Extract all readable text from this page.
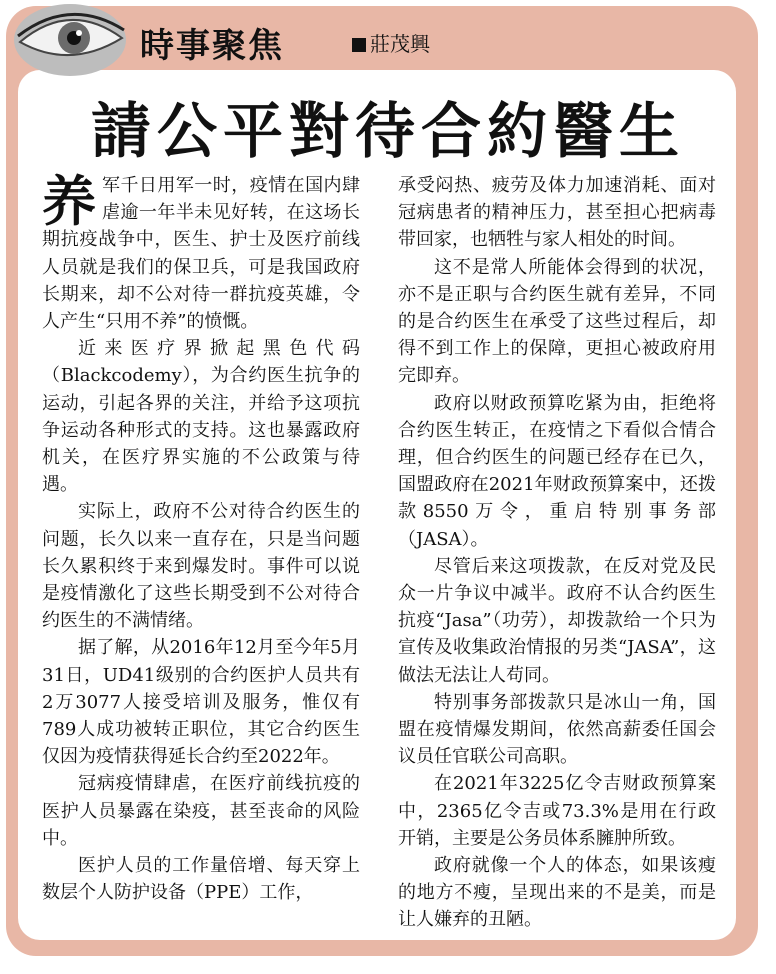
時事聚焦	莊茂興
請公平對待合約醫生

养军千日用军一时，疫情在国内肆虐逾一年半未见好转，在这场长期抗疫战争中，医生、护士及医疗前线人员就是我们的保卫兵，可是我国政府长期来，却不公对待一群抗疫英雄，令人产生“只用不养”的愤慨。

近来医疗界掀起黑色代码（Blackcodemy），为合约医生抗争的运动，引起各界的关注，并给予这项抗争运动各种形式的支持。这也暴露政府机关，在医疗界实施的不公政策与待遇。

实际上，政府不公对待合约医生的问题，长久以来一直存在，只是当问题长久累积终于来到爆发时。事件可以说是疫情激化了这些长期受到不公对待合约医生的不满情绪。

据了解，从2016年12月至今年5月31日，UD41级别的合约医护人员共有2万3077人接受培训及服务，惟仅有789人成功被转正职位，其它合约医生仅因为疫情获得延长合约至2022年。

冠病疫情肆虐，在医疗前线抗疫的医护人员暴露在染疫，甚至丧命的风险中。

医护人员的工作量倍增、每天穿上数层个人防护设备（PPE）工作，

承受闷热、疲劳及体力加速消耗、面对冠病患者的精神压力，甚至担心把病毒带回家，也牺牲与家人相处的时间。

这不是常人所能体会得到的状况，亦不是正职与合约医生就有差异，不同的是合约医生在承受了这些过程后，却得不到工作上的保障，更担心被政府用完即弃。

政府以财政预算吃紧为由，拒绝将合约医生转正，在疫情之下看似合情合理，但合约医生的问题已经存在已久，国盟政府在2021年财政预算案中，还拨款8550万令，重启特别事务部（JASA）。

尽管后来这项拨款，在反对党及民众一片争议中减半。政府不认合约医生抗疫“Jasa”（功劳），却拨款给一个只为宣传及收集政治情报的另类“JASA”，这做法无法让人苟同。

特别事务部拨款只是冰山一角，国盟在疫情爆发期间，依然高薪委任国会议员任官联公司高职。

在2021年3225亿令吉财政预算案中，2365亿令吉或73.3%是用在行政开销，主要是公务员体系臃肿所致。

政府就像一个人的体态，如果该瘦的地方不瘦，呈现出来的不是美，而是让人嫌弃的丑陋。
